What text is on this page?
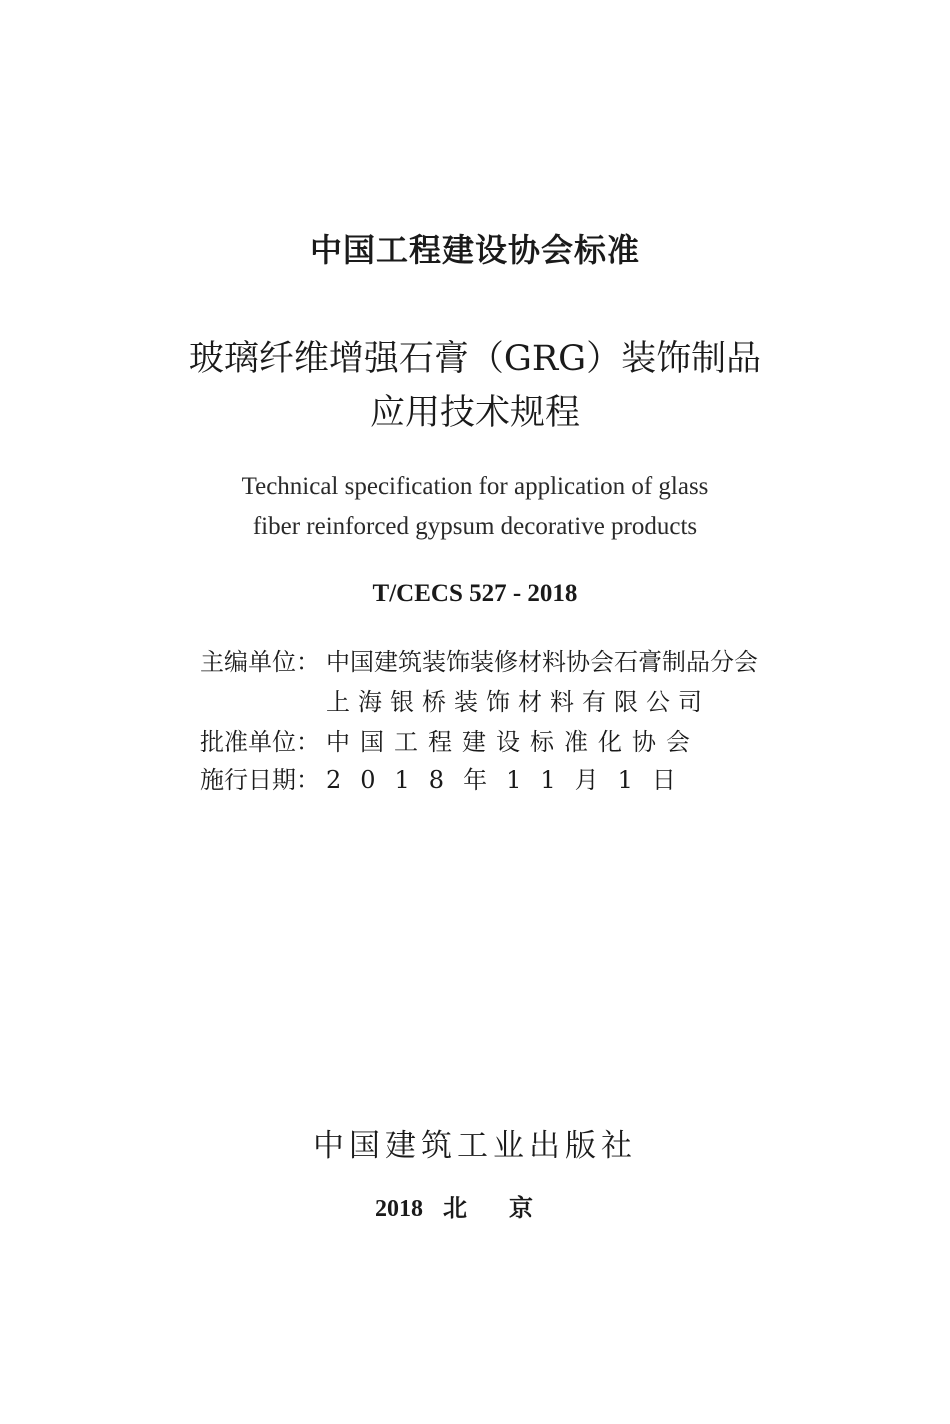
中国工程建设协会标准
玻璃纤维增强石膏（GRG）装饰制品
应用技术规程
Technical specification for application of glass
fiber reinforced gypsum decorative products
T/CECS 527 - 2018
主编单位： 中国建筑装饰装修材料协会石膏制品分会
上海银桥装饰材料有限公司
批准单位： 中国工程建设标准化协会
施行日期： 2018年11月1日
中国建筑工业出版社
2018 北京
